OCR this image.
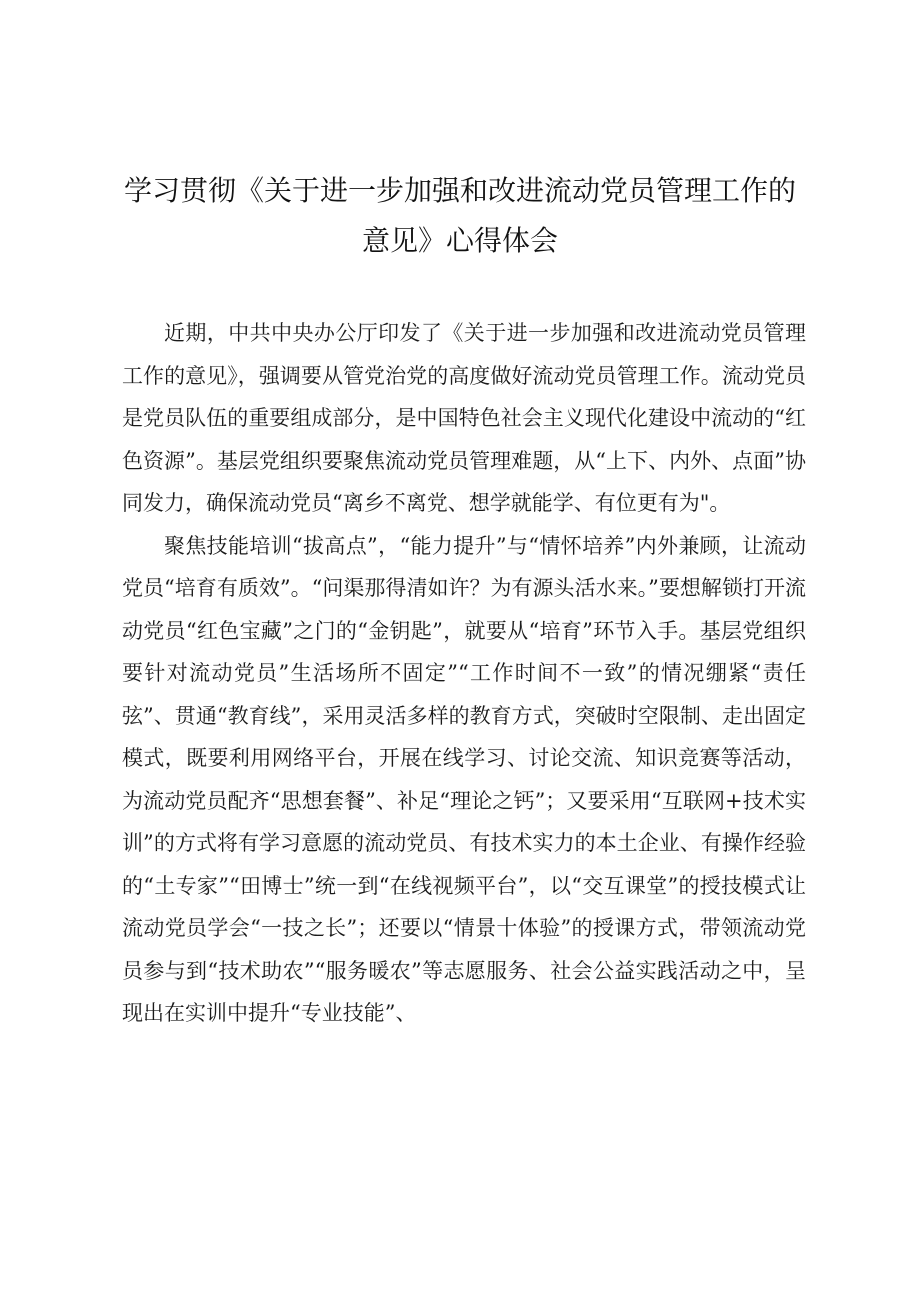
学习贯彻《关于进一步加强和改进流动党员管理工作的
意见》心得体会

近期，中共中央办公厅印发了《关于进一步加强和改进流动党员管理工作的意见》，强调要从管党治党的高度做好流动党员管理工作。流动党员是党员队伍的重要组成部分，是中国特色社会主义现代化建设中流动的“红色资源”。基层党组织要聚焦流动党员管理难题，从“上下、内外、点面”协同发力，确保流动党员“离乡不离党、想学就能学、有位更有为"。

聚焦技能培训“拔高点”，“能力提升”与“情怀培养”内外兼顾，让流动党员“培育有质效”。“问渠那得清如许？为有源头活水来。”要想解锁打开流动党员“红色宝藏”之门的“金钥匙”，就要从“培育”环节入手。基层党组织要针对流动党员”生活场所不固定”“工作时间不一致”的情况绷紧“责任弦”、贯通“教育线”，采用灵活多样的教育方式，突破时空限制、走出固定模式，既要利用网络平台，开展在线学习、讨论交流、知识竞赛等活动，为流动党员配齐“思想套餐”、补足“理论之钙”；又要采用“互联网+技术实训”的方式将有学习意愿的流动党员、有技术实力的本土企业、有操作经验的“土专家”“田博士”统一到“在线视频平台”，以“交互课堂”的授技模式让流动党员学会“一技之长”；还要以“情景十体验”的授课方式，带领流动党员参与到“技术助农”“服务暖农”等志愿服务、社会公益实践活动之中，呈现出在实训中提升“专业技能”、
